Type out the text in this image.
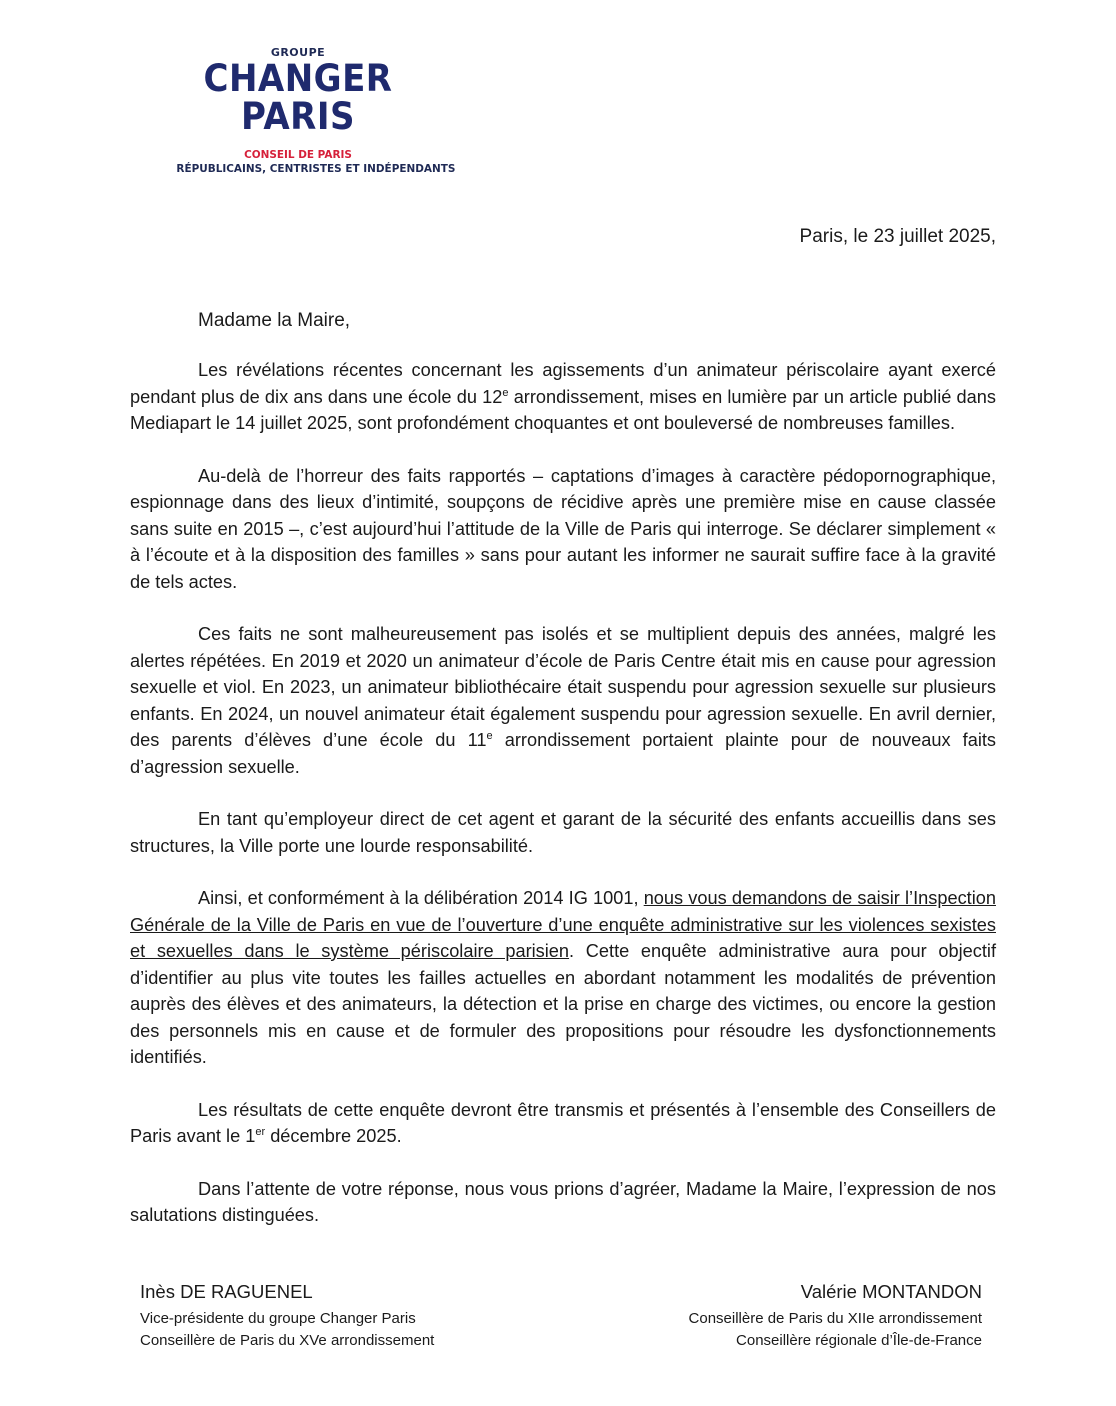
GROUPE
CHANGER
PARIS
CONSEIL DE PARIS
RÉPUBLICAINS, CENTRISTES ET INDÉPENDANTS
Paris, le 23 juillet 2025,
Madame la Maire,

Les révélations récentes concernant les agissements d’un animateur périscolaire ayant exercé pendant plus de dix ans dans une école du 12e arrondissement, mises en lumière par un article publié dans Mediapart le 14 juillet 2025, sont profondément choquantes et ont bouleversé de nombreuses familles.

Au-delà de l’horreur des faits rapportés – captations d’images à caractère pédopornographique, espionnage dans des lieux d’intimité, soupçons de récidive après une première mise en cause classée sans suite en 2015 –, c’est aujourd’hui l’attitude de la Ville de Paris qui interroge. Se déclarer simplement « à l’écoute et à la disposition des familles » sans pour autant les informer ne saurait suffire face à la gravité de tels actes.

Ces faits ne sont malheureusement pas isolés et se multiplient depuis des années, malgré les alertes répétées. En 2019 et 2020 un animateur d’école de Paris Centre était mis en cause pour agression sexuelle et viol. En 2023, un animateur bibliothécaire était suspendu pour agression sexuelle sur plusieurs enfants. En 2024, un nouvel animateur était également suspendu pour agression sexuelle. En avril dernier, des parents d’élèves d’une école du 11e arrondissement portaient plainte pour de nouveaux faits d’agression sexuelle.

En tant qu’employeur direct de cet agent et garant de la sécurité des enfants accueillis dans ses structures, la Ville porte une lourde responsabilité.

Ainsi, et conformément à la délibération 2014 IG 1001, nous vous demandons de saisir l’Inspection Générale de la Ville de Paris en vue de l’ouverture d’une enquête administrative sur les violences sexistes et sexuelles dans le système périscolaire parisien. Cette enquête administrative aura pour objectif d’identifier au plus vite toutes les failles actuelles en abordant notamment les modalités de prévention auprès des élèves et des animateurs, la détection et la prise en charge des victimes, ou encore la gestion des personnels mis en cause et de formuler des propositions pour résoudre les dysfonctionnements identifiés.

Les résultats de cette enquête devront être transmis et présentés à l’ensemble des Conseillers de Paris avant le 1er décembre 2025.

Dans l’attente de votre réponse, nous vous prions d’agréer, Madame la Maire, l’expression de nos salutations distinguées.

Inès DE RAGUENEL
Vice-présidente du groupe Changer Paris
Conseillère de Paris du XVe arrondissement
Valérie MONTANDON
Conseillère de Paris du XIIe arrondissement
Conseillère régionale d’Île-de-France
